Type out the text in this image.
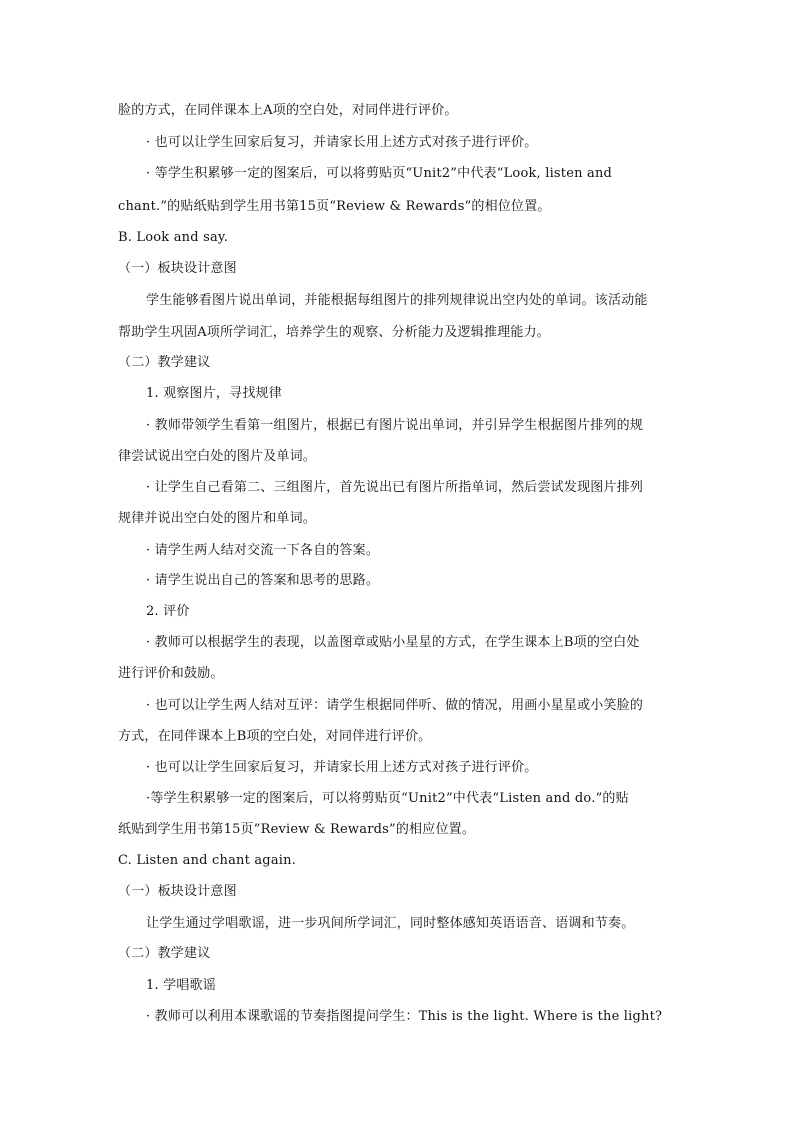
脸的方式，在同伴课本上A项的空白处，对同伴进行评价。
· 也可以让学生回家后复习，并请家长用上述方式对孩子进行评价。
· 等学生积累够一定的图案后，可以将剪贴页“Unit2”中代表“Look, listen and
chant.”的贴纸贴到学生用书第15页“Review & Rewards”的相位位置。
B. Look and say.
（一）板块设计意图
学生能够看图片说出单词，并能根据每组图片的排列规律说出空内处的单词。该活动能
帮助学生巩固A项所学词汇，培养学生的观察、分析能力及逻辑推理能力。
（二）教学建议
1. 观察图片，寻找规律
· 教师带领学生看第一组图片，根据已有图片说出单词，并引异学生根据图片排列的规
律尝试说出空白处的图片及单词。
· 让学生自己看第二、三组图片，首先说出已有图片所指单词，然后尝试发现图片排列
规律并说出空白处的图片和单词。
· 请学生两人结对交流一下各自的答案。
· 请学生说出自己的答案和思考的思路。
2. 评价
· 教师可以根据学生的表现，以盖图章或贴小星星的方式，在学生课本上B项的空白处
进行评价和鼓励。
· 也可以让学生两人结对互评：请学生根据同伴听、做的情况，用画小星星或小笑脸的
方式，在同伴课本上B项的空白处，对同伴进行评价。
· 也可以让学生回家后复习，并请家长用上述方式对孩子进行评价。
·等学生积累够一定的图案后，可以将剪贴页“Unit2”中代表“Listen and do.”的贴
纸贴到学生用书第15页”Review & Rewards”的相应位置。
C. Listen and chant again.
（一）板块设计意图
让学生通过学唱歌谣，进一步巩间所学词汇，同时整体感知英语语音、语调和节奏。
（二）教学建议
1. 学唱歌谣
· 教师可以利用本课歌谣的节奏指图提问学生：This is the light. Where is the light?
